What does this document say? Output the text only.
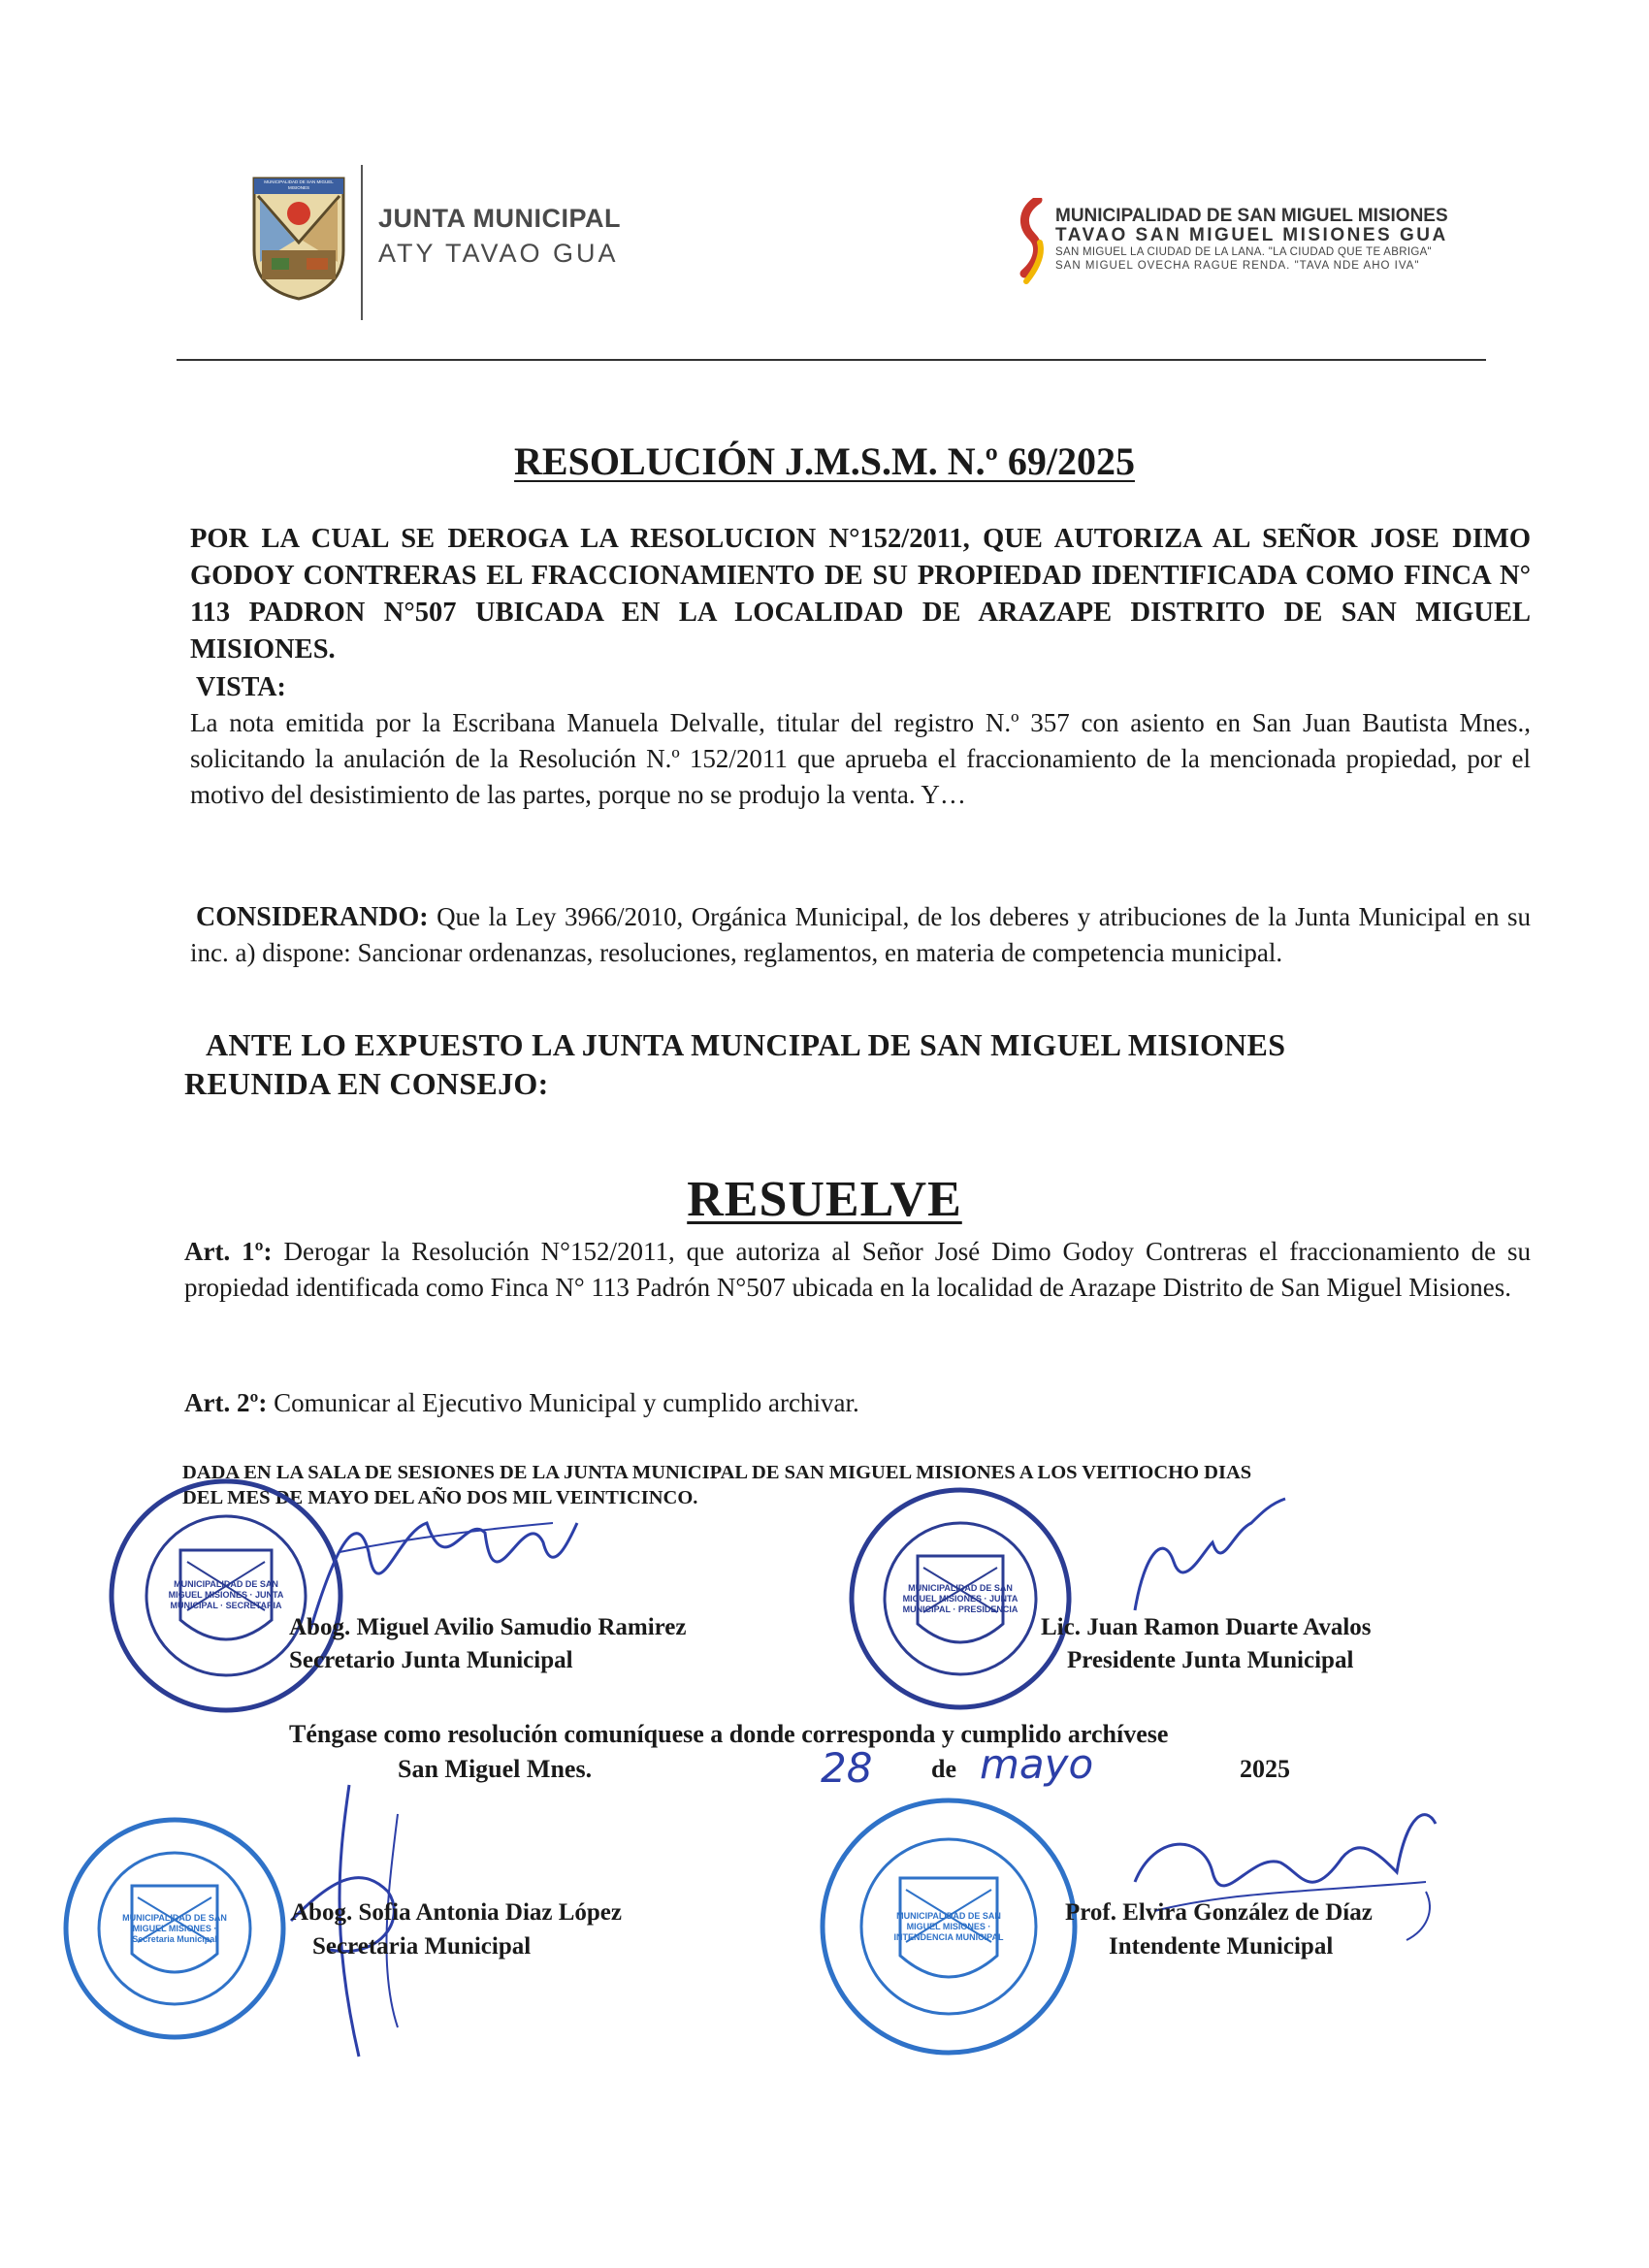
MUNICIPALIDAD DE SAN MIGUEL MISIONES
JUNTA MUNICIPAL
ATY TAVAO GUA
MUNICIPALIDAD DE SAN MIGUEL MISIONES
TAVAO SAN MIGUEL MISIONES GUA
SAN MIGUEL LA CIUDAD DE LA LANA. "LA CIUDAD QUE TE ABRIGA"
SAN MIGUEL OVECHA RAGUE RENDA. "TAVA NDE AHO IVA"
RESOLUCIÓN J.M.S.M. N.º 69/2025
POR LA CUAL SE DEROGA LA RESOLUCION N°152/2011, QUE AUTORIZA AL SEÑOR JOSE DIMO GODOY CONTRERAS EL FRACCIONAMIENTO DE SU PROPIEDAD IDENTIFICADA COMO FINCA N° 113 PADRON N°507 UBICADA EN LA LOCALIDAD DE ARAZAPE DISTRITO DE SAN MIGUEL MISIONES.
VISTA:
La nota emitida por la Escribana Manuela Delvalle, titular del registro N.º 357 con asiento en San Juan Bautista Mnes., solicitando la anulación de la Resolución N.º 152/2011 que aprueba el fraccionamiento de la mencionada propiedad, por el motivo del desistimiento de las partes, porque no se produjo la venta. Y…
CONSIDERANDO: Que la Ley 3966/2010, Orgánica Municipal, de los deberes y atribuciones de la Junta Municipal en su inc. a) dispone: Sancionar ordenanzas, resoluciones, reglamentos, en materia de competencia municipal.
ANTE LO EXPUESTO LA JUNTA MUNCIPAL DE SAN MIGUEL MISIONES
REUNIDA EN CONSEJO:
RESUELVE
Art. 1º: Derogar la Resolución N°152/2011, que autoriza al Señor José Dimo Godoy Contreras el fraccionamiento de su propiedad identificada como Finca N° 113 Padrón N°507 ubicada en la localidad de Arazape Distrito de San Miguel Misiones.
Art. 2º: Comunicar al Ejecutivo Municipal y cumplido archivar.
DADA EN LA SALA DE SESIONES DE LA JUNTA MUNICIPAL DE SAN MIGUEL MISIONES A LOS VEITIOCHO DIAS
DEL MES DE MAYO DEL AÑO DOS MIL VEINTICINCO.
MUNICIPALIDAD DE SAN MIGUEL MISIONES · JUNTA MUNICIPAL · SECRETARIA
Abog. Miguel Avilio Samudio Ramirez
Secretario Junta Municipal
MUNICIPALIDAD DE SAN MIGUEL MISIONES · JUNTA MUNICIPAL · PRESIDENCIA
Lic. Juan Ramon Duarte Avalos
Presidente Junta Municipal
Téngase como resolución comuníquese a donde corresponda y cumplido archívese
San Miguel Mnes.	28 de mayo	2025
MUNICIPALIDAD DE SAN MIGUEL MISIONES · Secretaria Municipal
Abog. Sofia Antonia Diaz López
Secretaria Municipal
MUNICIPALIDAD DE SAN MIGUEL MISIONES · INTENDENCIA MUNICIPAL
Prof. Elvira González de Díaz
Intendente Municipal
